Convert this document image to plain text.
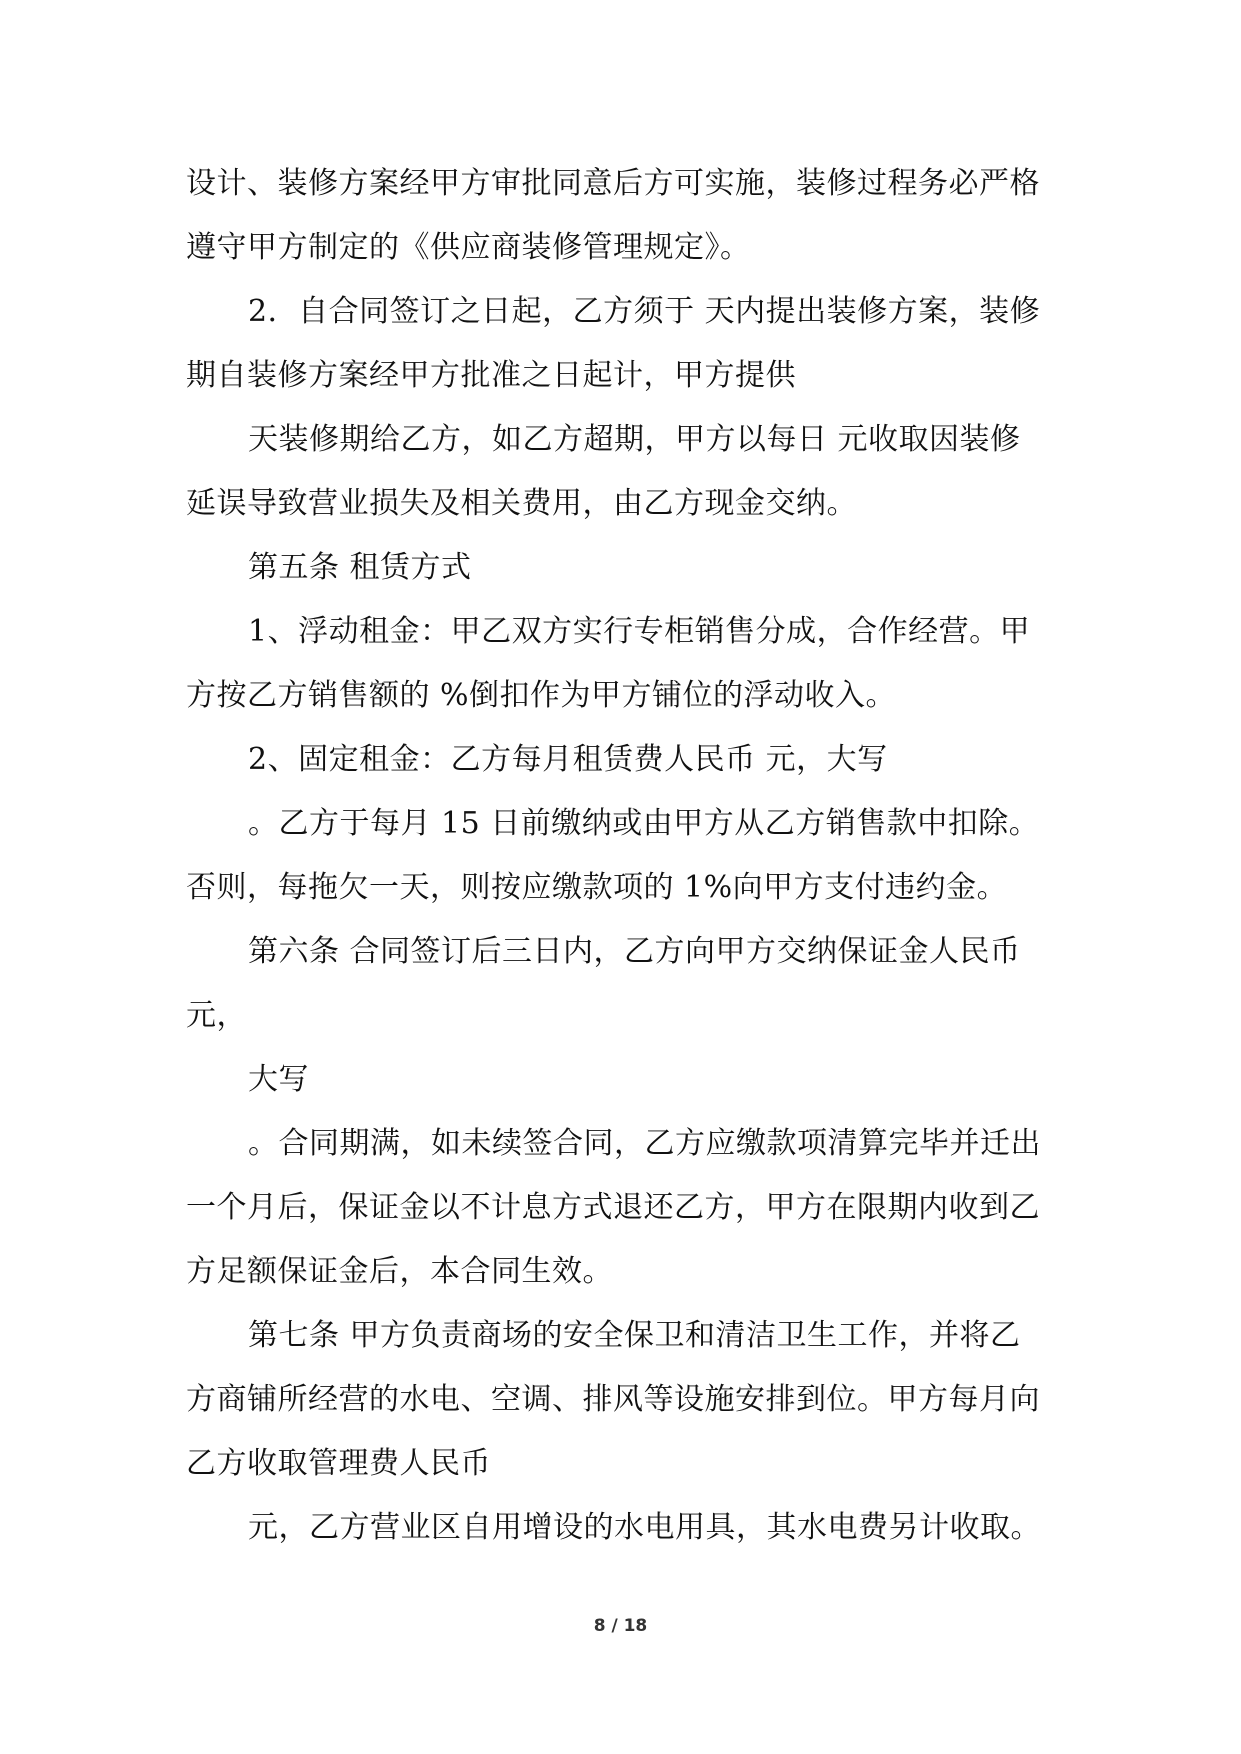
设计、装修方案经甲方审批同意后方可实施，装修过程务必严格
遵守甲方制定的《供应商装修管理规定》。
2．自合同签订之日起，乙方须于 天内提出装修方案，装修
期自装修方案经甲方批准之日起计，甲方提供
天装修期给乙方，如乙方超期，甲方以每日 元收取因装修
延误导致营业损失及相关费用，由乙方现金交纳。
第五条 租赁方式
1、浮动租金：甲乙双方实行专柜销售分成，合作经营。甲
方按乙方销售额的 %倒扣作为甲方铺位的浮动收入。
2、固定租金：乙方每月租赁费人民币 元，大写
。乙方于每月 15 日前缴纳或由甲方从乙方销售款中扣除。
否则，每拖欠一天，则按应缴款项的 1%向甲方支付违约金。
第六条 合同签订后三日内，乙方向甲方交纳保证金人民币
元，
大写
。合同期满，如未续签合同，乙方应缴款项清算完毕并迁出
一个月后，保证金以不计息方式退还乙方，甲方在限期内收到乙
方足额保证金后，本合同生效。
第七条 甲方负责商场的安全保卫和清洁卫生工作，并将乙
方商铺所经营的水电、空调、排风等设施安排到位。甲方每月向
乙方收取管理费人民币
元，乙方营业区自用增设的水电用具，其水电费另计收取。
8 / 18
